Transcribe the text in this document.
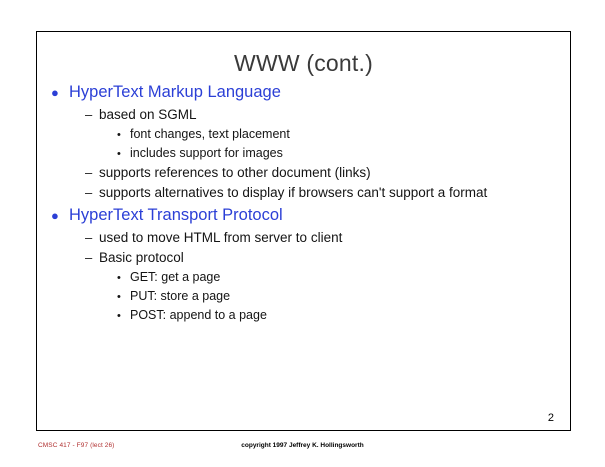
WWW (cont.)
● HyperText Markup Language
– based on SGML
• font changes, text placement
• includes support for images
– supports references to other document (links)
– supports alternatives to display if browsers can't support a format
● HyperText Transport Protocol
– used to move HTML from server to client
– Basic protocol
• GET: get a page
• PUT: store a page
• POST: append to a page
2
CMSC 417 - F97 (lect 26)	copyright 1997 Jeffrey K. Hollingsworth
